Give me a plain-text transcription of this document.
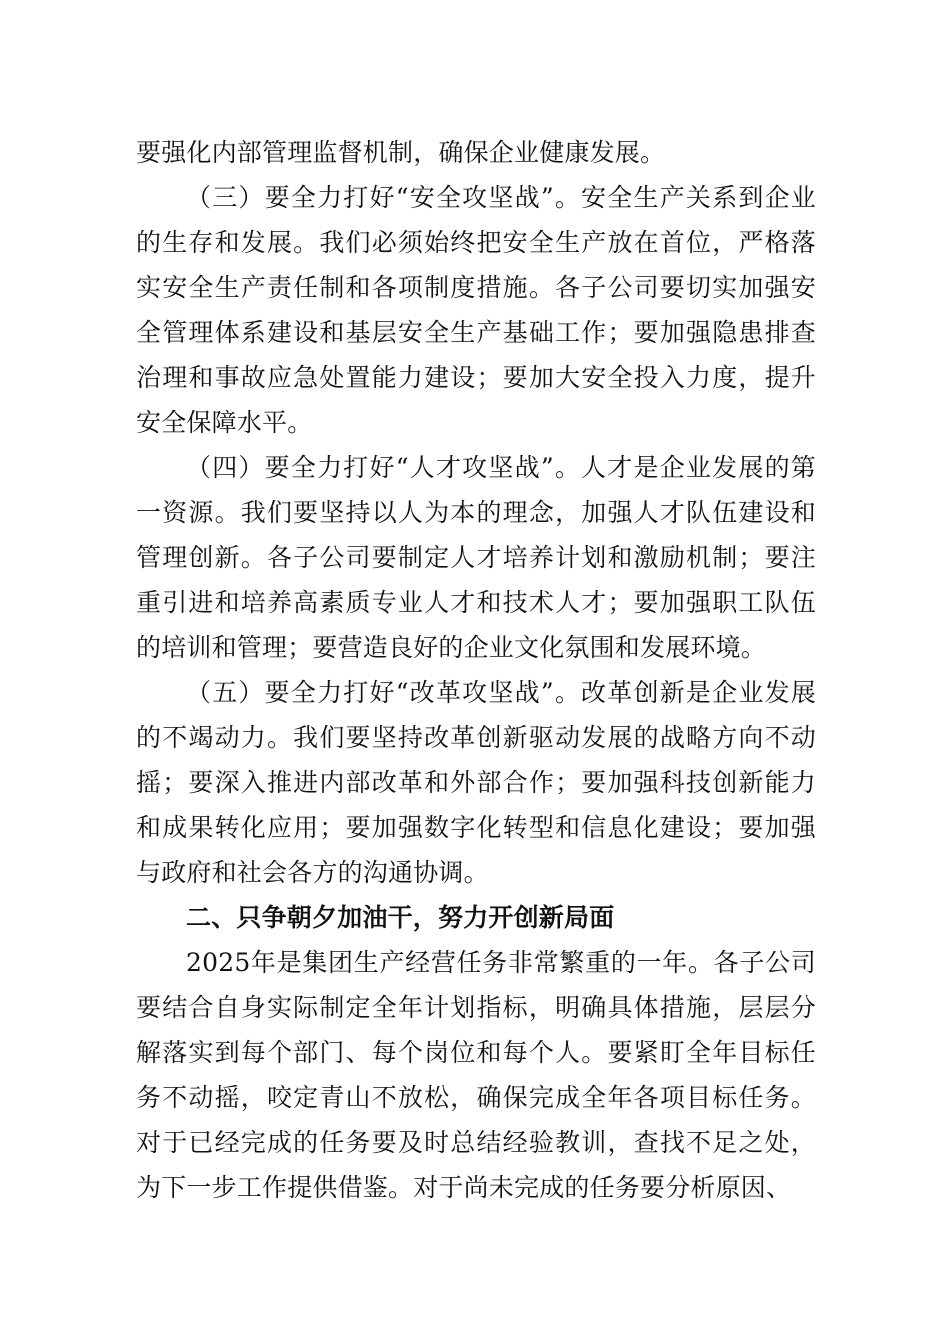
要强化内部管理监督机制，确保企业健康发展。

（三）要全力打好“安全攻坚战”。安全生产关系到企业的生存和发展。我们必须始终把安全生产放在首位，严格落实安全生产责任制和各项制度措施。各子公司要切实加强安全管理体系建设和基层安全生产基础工作；要加强隐患排查治理和事故应急处置能力建设；要加大安全投入力度，提升安全保障水平。

（四）要全力打好“人才攻坚战”。人才是企业发展的第一资源。我们要坚持以人为本的理念，加强人才队伍建设和管理创新。各子公司要制定人才培养计划和激励机制；要注重引进和培养高素质专业人才和技术人才；要加强职工队伍的培训和管理；要营造良好的企业文化氛围和发展环境。

（五）要全力打好“改革攻坚战”。改革创新是企业发展的不竭动力。我们要坚持改革创新驱动发展的战略方向不动摇；要深入推进内部改革和外部合作；要加强科技创新能力和成果转化应用；要加强数字化转型和信息化建设；要加强与政府和社会各方的沟通协调。

二、只争朝夕加油干，努力开创新局面

2025年是集团生产经营任务非常繁重的一年。各子公司要结合自身实际制定全年计划指标，明确具体措施，层层分解落实到每个部门、每个岗位和每个人。要紧盯全年目标任务不动摇，咬定青山不放松，确保完成全年各项目标任务。对于已经完成的任务要及时总结经验教训，查找不足之处，为下一步工作提供借鉴。对于尚未完成的任务要分析原因、
